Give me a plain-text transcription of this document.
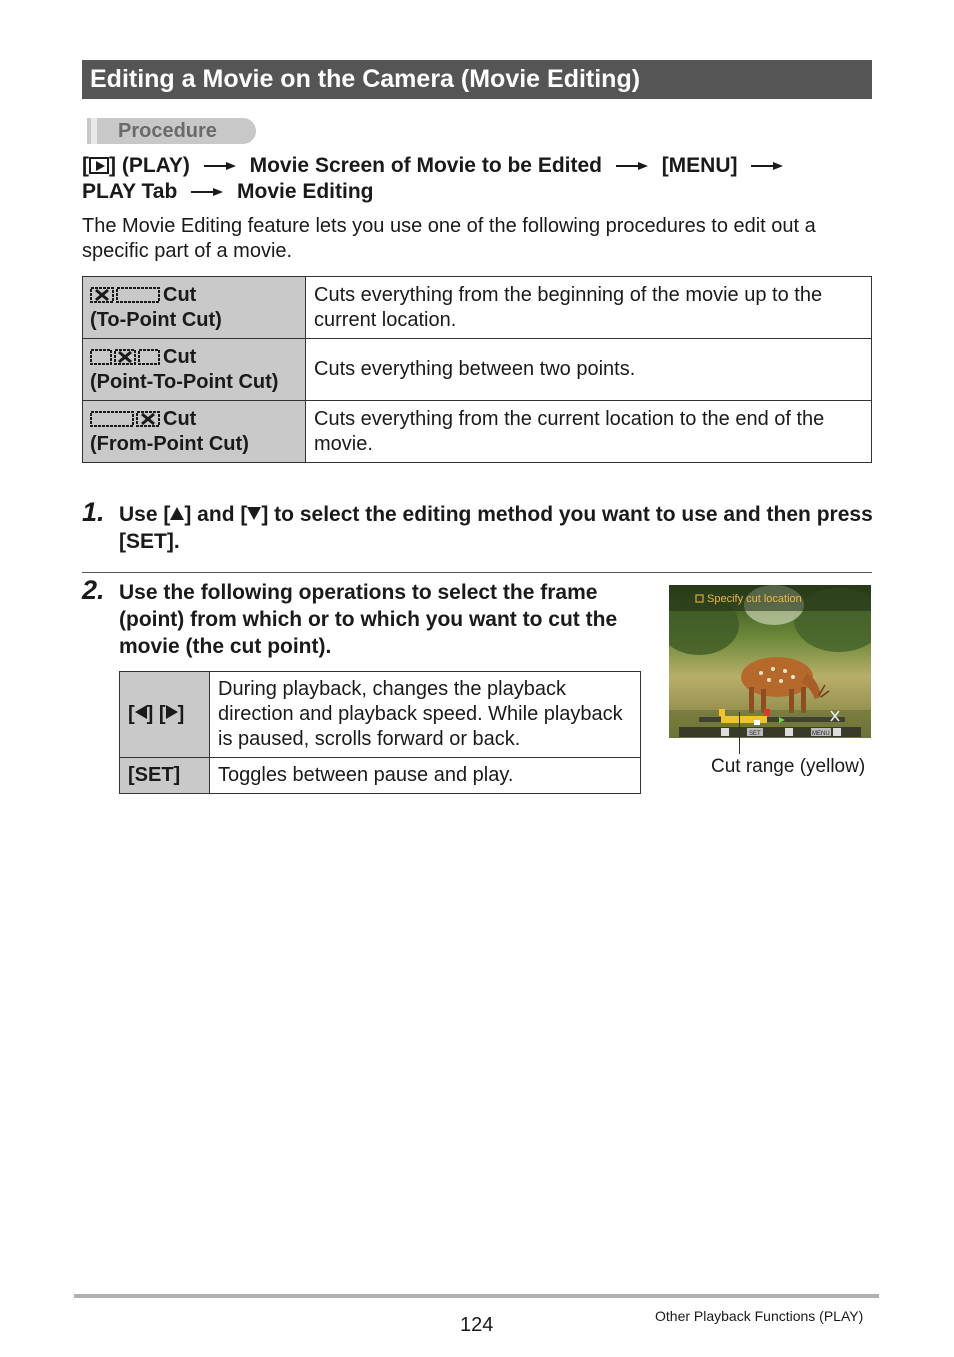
Editing a Movie on the Camera (Movie Editing)
Procedure
[ ] (PLAY)	Movie Screen of Movie to be Edited	[MENU]
PLAY Tab	Movie Editing
The Movie Editing feature lets you use one of the following procedures to edit out a specific part of a movie.
Cut
(To-Point Cut)	Cuts everything from the beginning of the movie up to the current location.
Cut
(Point-To-Point Cut)	Cuts everything between two points.
Cut
(From-Point Cut)	Cuts everything from the current location to the end of the movie.
1. Use [ ] and [ ] to select the editing method you want to use and then press [SET].
2. Use the following operations to select the frame (point) from which or to which you want to cut the movie (the cut point).
[ ] [ ]	During playback, changes the playback direction and playback speed. While playback is paused, scrolls forward or back.
[SET]	Toggles between pause and play.
Specify cut location
SET	MENU
Cut range (yellow)
124	Other Playback Functions (PLAY)
